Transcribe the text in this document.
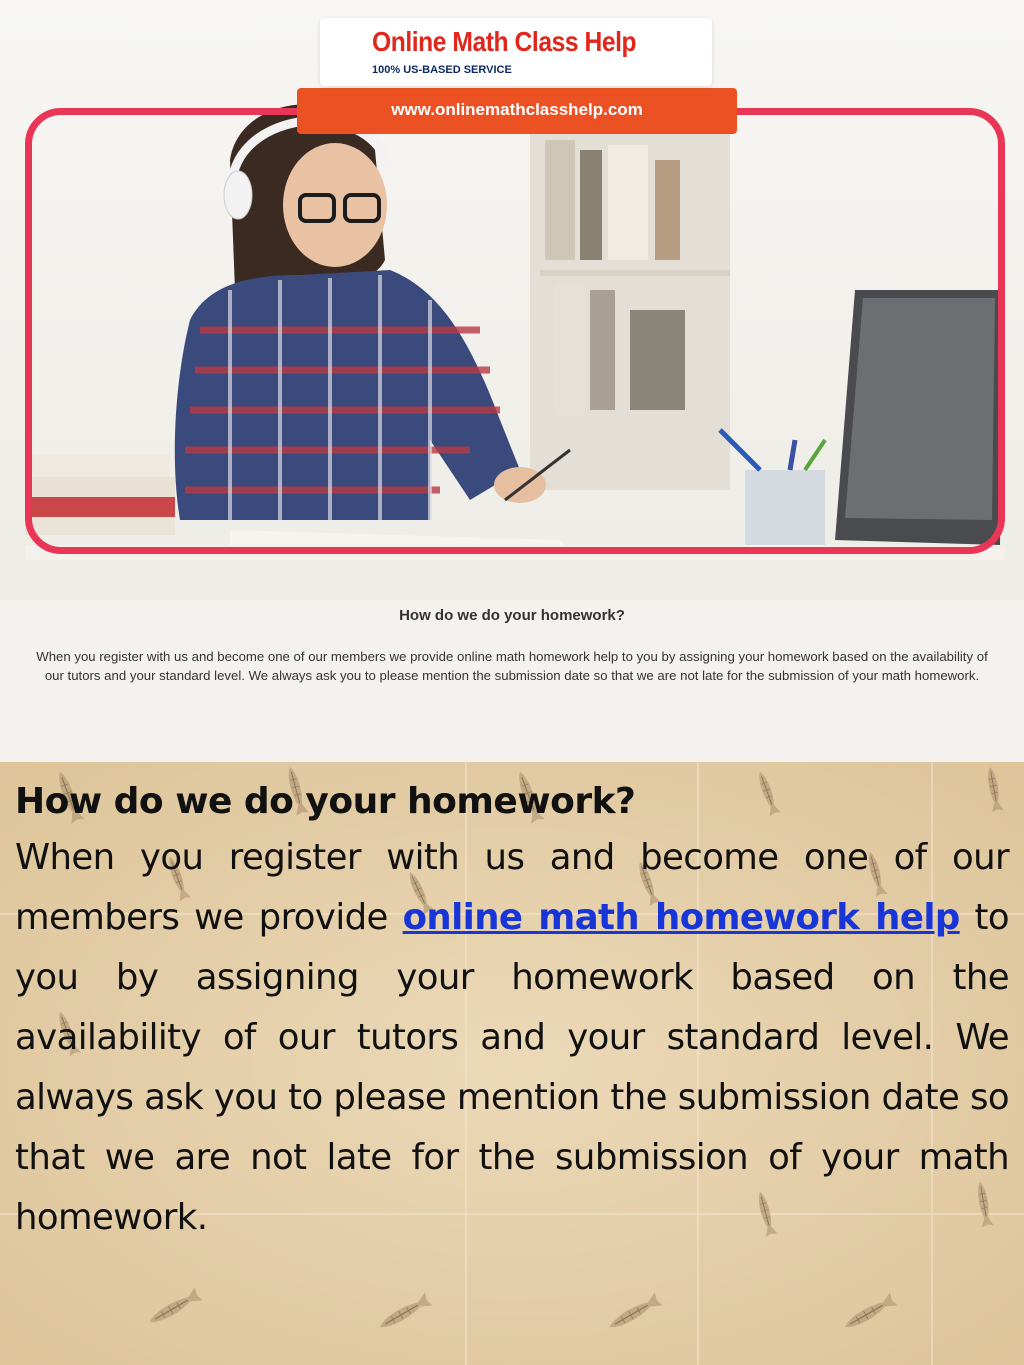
www.onlinemathclasshelp.com
Online Math Class Help
100% US-BASED SERVICE
How do we do your homework?
When you register with us and become one of our members we provide online math homework help to you by assigning your homework based on the availability of our tutors and your standard level. We always ask you to please mention the submission date so that we are not late for the submission of your math homework.
How do we do your homework?

When you register with us and become one of our members we provide online math homework help to you by assigning your homework based on the availability of our tutors and your standard level. We always ask you to please mention the submission date so that we are not late for the submission of your math homework.
